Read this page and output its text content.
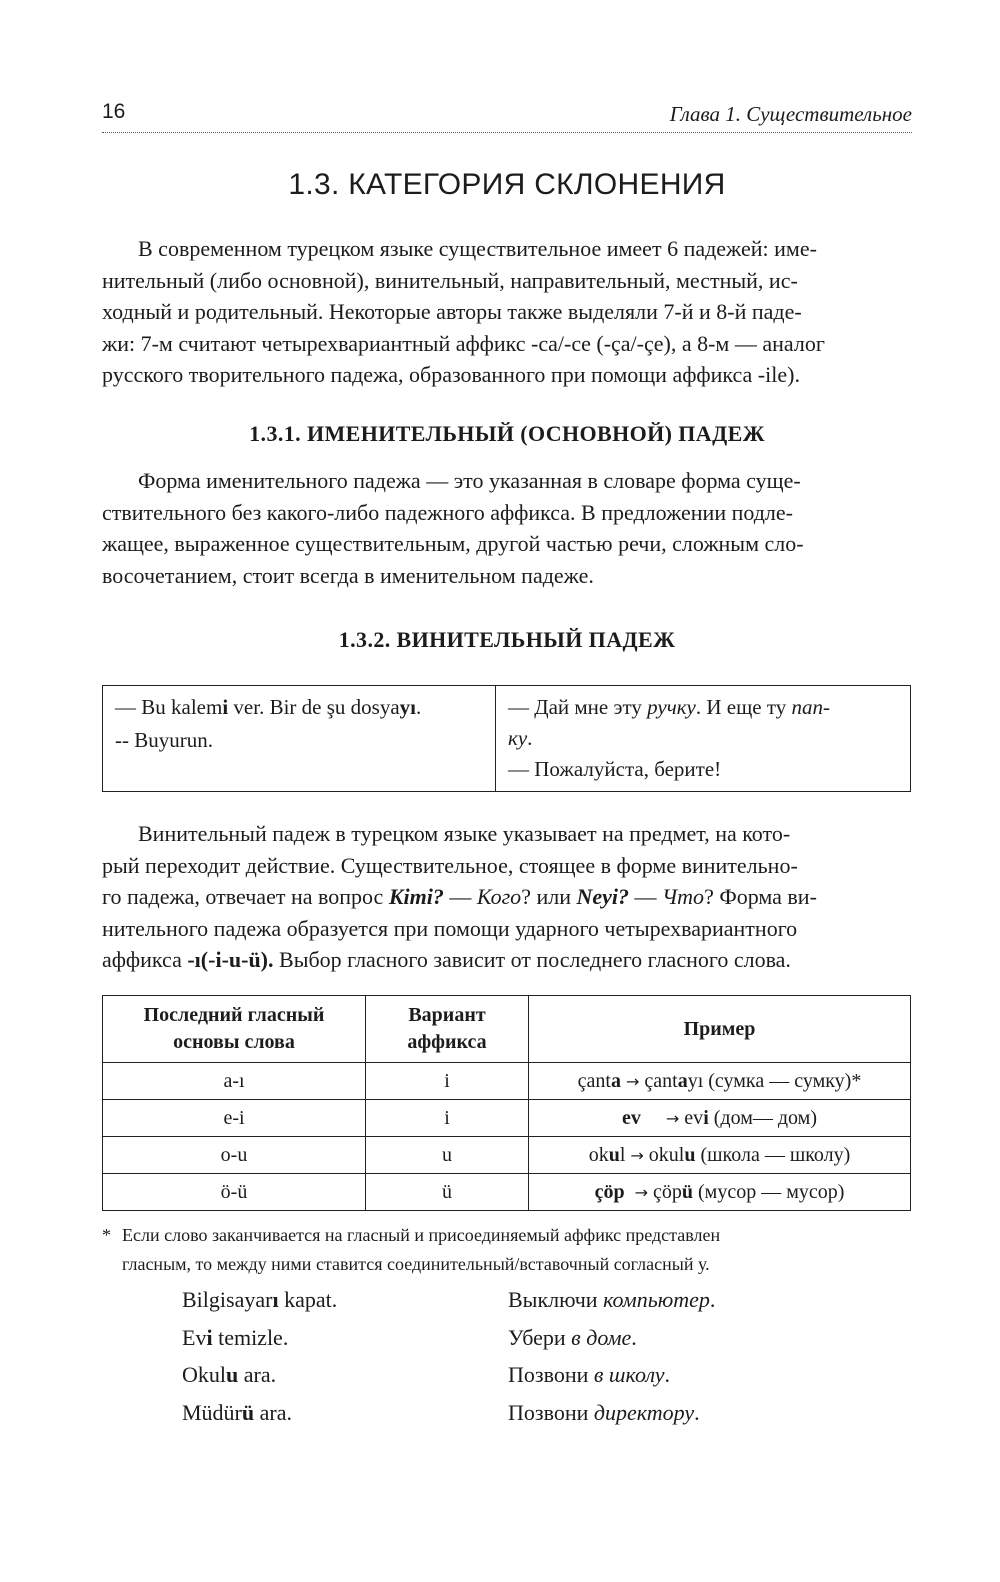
16	Глава 1. Существительное
1.3. КАТЕГОРИЯ СКЛОНЕНИЯ
В современном турецком языке существительное имеет 6 падежей: име-
нительный (либо основной), винительный, направительный, местный, ис-
ходный и родительный. Некоторые авторы также выделяли 7-й и 8-й паде-
жи: 7-м считают четырехвариантный аффикс -ca/-ce (-ça/-çe), а 8-м — аналог
русского творительного падежа, образованного при помощи аффикса -ile).
1.3.1. ИМЕНИТЕЛЬНЫЙ (ОСНОВНОЙ) ПАДЕЖ
Форма именительного падежа — это указанная в словаре форма суще-
ствительного без какого-либо падежного аффикса. В предложении подле-
жащее, выраженное существительным, другой частью речи, сложным сло-
восочетанием, стоит всегда в именительном падеже.
1.3.2. ВИНИТЕЛЬНЫЙ ПАДЕЖ
— Bu kalemi ver. Bir de şu dosyayı.
-- Buyurun.

— Дай мне эту ручку. И еще ту пап-
ку.
— Пожалуйста, берите!
Винительный падеж в турецком языке указывает на предмет, на кото-
рый переходит действие. Существительное, стоящее в форме винительно-
го падежа, отвечает на вопрос Kimi? — Кого? или Neyi? — Что? Форма ви-
нительного падежа образуется при помощи ударного четырехвариантного
аффикса -ı(-i-u-ü). Выбор гласного зависит от последнего гласного слова.
Последний гласный основы слова	Вариант аффикса	Пример
a-ı	i	çanta → çantayı (сумка — сумку)*
e-i	i	ev → evi (дом— дом)
o-u	u	okul → okulu (школа — школу)
ö-ü	ü	çöp → çöpü (мусор — мусор)
* Если слово заканчивается на гласный и присоединяемый аффикс представлен
гласным, то между ними ставится соединительный/вставочный согласный у.
Bilgisayarı kapat.	Выключи компьютер.
Evi temizle.	Убери в доме.
Okulu ara.	Позвони в школу.
Müdürü ara.	Позвони директору.
